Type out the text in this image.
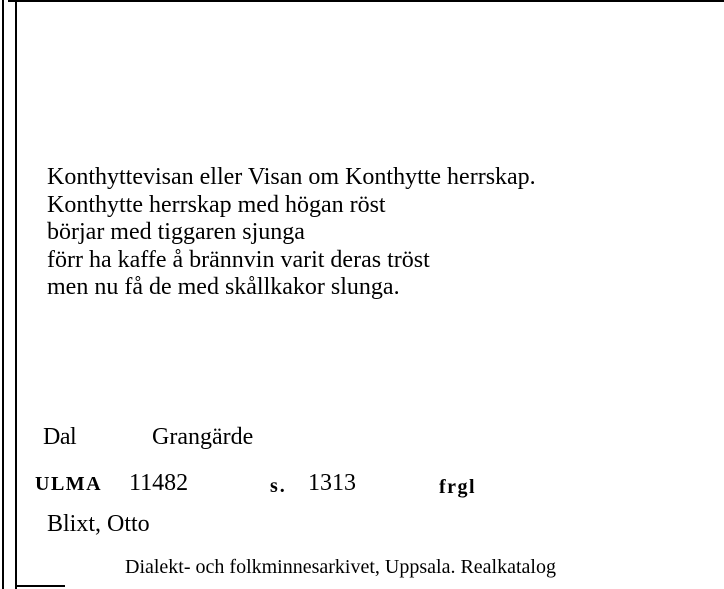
Konthyttevisan eller Visan om Konthytte herrskap.
Konthytte herrskap med högan röst
börjar med tiggaren sjunga
förr ha kaffe å brännvin varit deras tröst
men nu få de med skållkakor slunga.
Dal	Grangärde
ULMA 11482	s. 1313	frgl
Blixt, Otto
Dialekt- och folkminnesarkivet, Uppsala. Realkatalog
